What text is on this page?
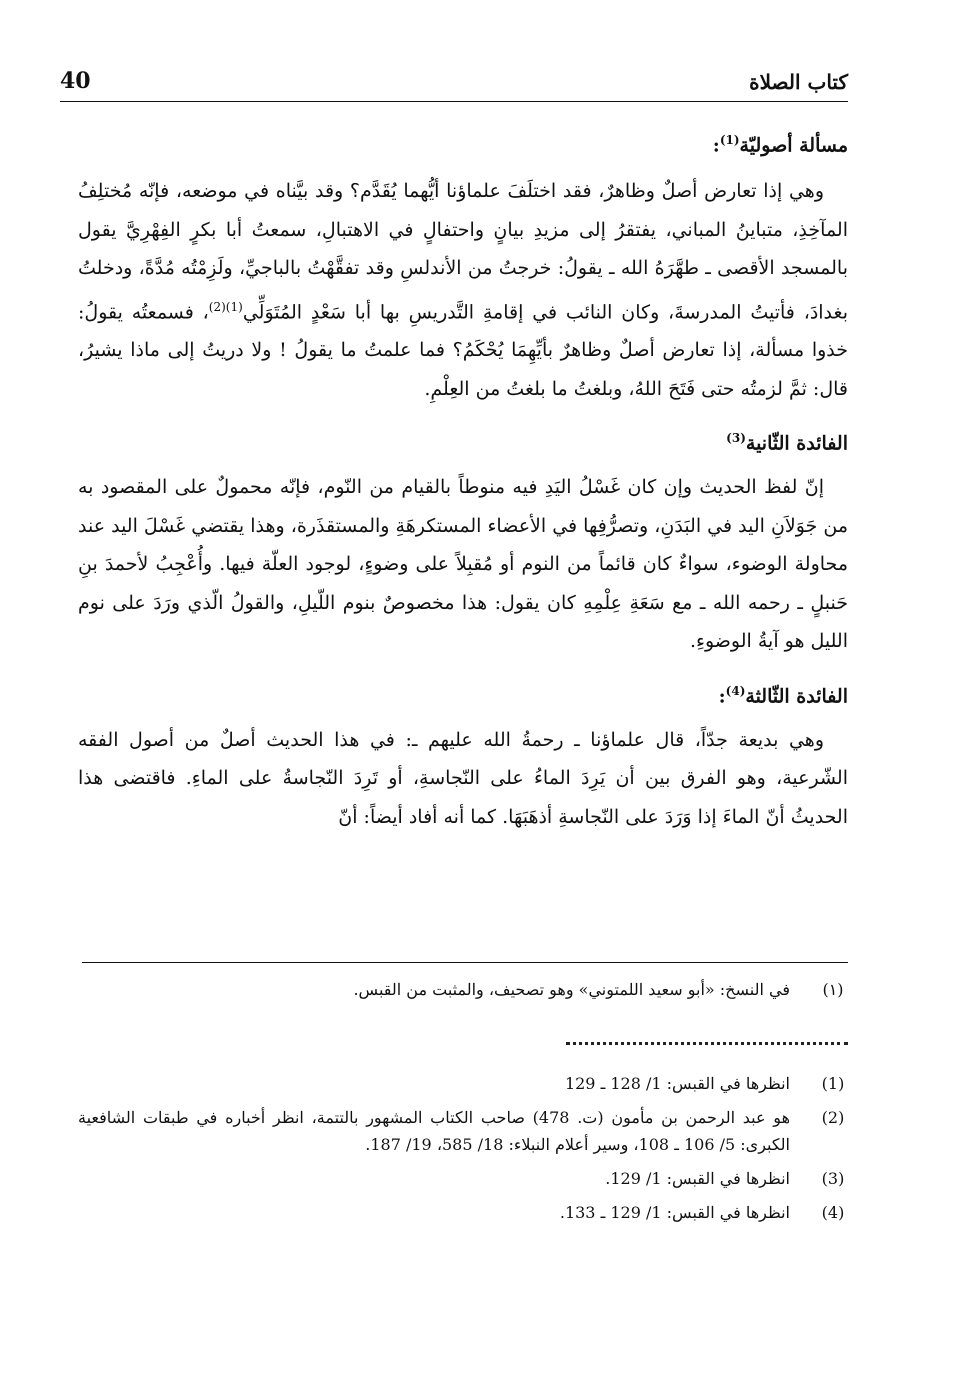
كتاب الصلاة
40

مسألة أصوليّة$^{(1)}$:

وهي إذا تعارض أصلٌ وظاهرٌ، فقد اختلَفَ علماؤنا أيُّهما يُقَدَّم؟ وقد بيَّناه في موضعه، فإنّه مُختلِفُ المآخِذِ، متباينُ المباني، يفتقرُ إلى مزيدِ بيانٍ واحتفالٍ في الاهتبالِ، سمعتُ أبا بكرٍ الفِهْرِيَّ يقول بالمسجد الأقصى ـ طهَّرَهُ الله ـ يقولُ: خرجتُ من الأندلسِ وقد تفقَّهْتُ بالباجيِّ، ولَزِمْتُه مُدَّةً، ودخلتُ بغدادَ، فأتيتُ المدرسةَ، وكان النائب في إقامةِ التَّدريسِ بها أبا سَعْدٍ المُتَوَلِّي$^{(1)(2)}$، فسمعتُه يقولُ: خذوا مسألة، إذا تعارض أصلٌ وظاهرٌ بأيِّهِمَا يُحْكَمُ؟ فما علمتُ ما يقولُ ! ولا دريتُ إلى ماذا يشيرُ، قال: ثمَّ لزمتُه حتى فَتَحَ اللهُ، وبلغتُ ما بلغتُ من العِلْمِ.

الفائدة الثّانية$^{(3)}$

إنّ لفظ الحديث وإن كان غَسْلُ اليَدِ فيه منوطاً بالقيام من النّوم، فإنّه محمولٌ على المقصود به من جَوَلاَنِ اليد في البَدَنِ، وتصرُّفِها في الأعضاء المستكرهَةِ والمستقذَرة، وهذا يقتضي غَسْلَ اليد عند محاولة الوضوء، سواءٌ كان قائماً من النوم أو مُقبِلاً على وضوءٍ، لوجود العلّة فيها. وأُعْجِبُ لأحمدَ بنِ حَنبلٍ ـ رحمه الله ـ مع سَعَةِ عِلْمِهِ كان يقول: هذا مخصوصٌ بنوم اللّيلِ، والقولُ الّذي ورَدَ على نوم الليل هو آيةُ الوضوءِ.

الفائدة الثّالثة$^{(4)}$:

وهي بديعة جدّاً، قال علماؤنا ـ رحمةُ الله عليهم ـ: في هذا الحديث أصلٌ من أصول الفقه الشّرعية، وهو الفرق بين أن يَرِدَ الماءُ على النّجاسةِ، أو تَرِدَ النّجاسةُ على الماءِ. فاقتضى هذا الحديثُ أنّ الماءَ إذا وَرَدَ على النّجاسةِ أذهَبَهَا. كما أنه أفاد أيضاً: أنّ

(١)
في النسخ: «أبو سعيد اللمتوني» وهو تصحيف، والمثبت من القبس.
(1)
انظرها في القبس: 1/ 128 ـ 129
(2)
هو عبد الرحمن بن مأمون (ت. 478) صاحب الكتاب المشهور بالتتمة، انظر أخباره في طبقات الشافعية الكبرى: 5/ 106 ـ 108، وسير أعلام النبلاء: 18/ 585، 19/ 187.
(3)
انظرها في القبس: 1/ 129.
(4)
انظرها في القبس: 1/ 129 ـ 133.
